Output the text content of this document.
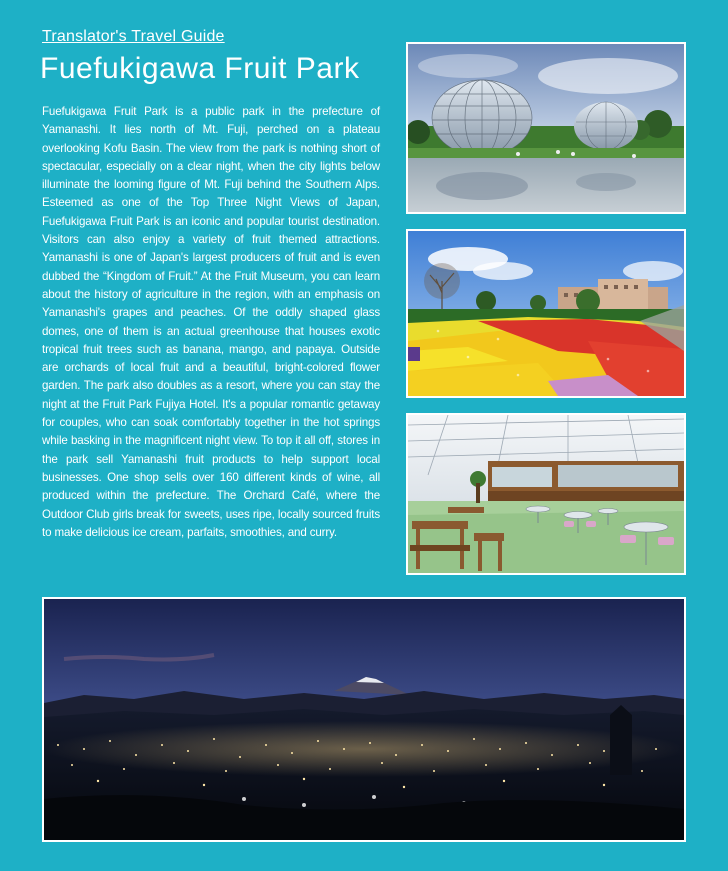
Translator's Travel Guide
Fuefukigawa Fruit Park

Fuefukigawa Fruit Park is a public park in the prefecture of Yamanashi. It lies north of Mt. Fuji, perched on a plateau overlooking Kofu Basin. The view from the park is nothing short of spectacular, especially on a clear night, when the city lights below illuminate the looming figure of Mt. Fuji behind the Southern Alps. Esteemed as one of the Top Three Night Views of Japan, Fuefukigawa Fruit Park is an iconic and popular tourist destination. Visitors can also enjoy a variety of fruit themed attractions. Yamanashi is one of Japan's largest producers of fruit and is even dubbed the “Kingdom of Fruit.” At the Fruit Museum, you can learn about the history of agriculture in the region, with an emphasis on Yamanashi's grapes and peaches. Of the oddly shaped glass domes, one of them is an actual greenhouse that houses exotic tropical fruit trees such as banana, mango, and papaya. Outside are orchards of local fruit and a beautiful, bright-colored flower garden. The park also doubles as a resort, where you can stay the night at the Fruit Park Fujiya Hotel. It's a popular romantic getaway for couples, who can soak comfortably together in the hot springs while basking in the magnificent night view. To top it all off, stores in the park sell Yamanashi fruit products to help support local businesses. One shop sells over 160 different kinds of wine, all produced within the prefecture. The Orchard Café, where the Outdoor Club girls break for sweets, uses ripe, locally sourced fruits to make delicious ice cream, parfaits, smoothies, and curry.
